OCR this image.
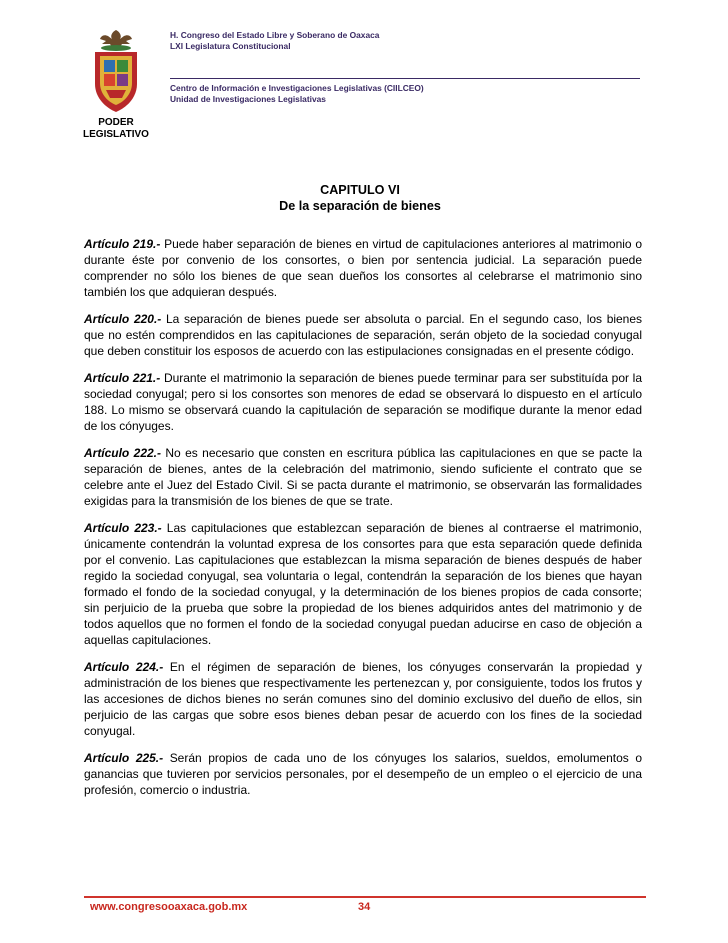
PODER
LEGISLATIVO
H. Congreso del Estado Libre y Soberano de Oaxaca
LXI Legislatura Constitucional
Centro de Información e Investigaciones Legislativas (CIILCEO)
Unidad de Investigaciones Legislativas
CAPITULO VI
De la separación de bienes

Artículo 219.- Puede haber separación de bienes en virtud de capitulaciones anteriores al matrimonio o durante éste por convenio de los consortes, o bien por sentencia judicial. La separación puede comprender no sólo los bienes de que sean dueños los consortes al celebrarse el matrimonio sino también los que adquieran después.

Artículo 220.- La separación de bienes puede ser absoluta o parcial. En el segundo caso, los bienes que no estén comprendidos en las capitulaciones de separación, serán objeto de la sociedad conyugal que deben constituir los esposos de acuerdo con las estipulaciones consignadas en el presente código.

Artículo 221.- Durante el matrimonio la separación de bienes puede terminar para ser substituída por la sociedad conyugal; pero si los consortes son menores de edad se observará lo dispuesto en el artículo 188. Lo mismo se observará cuando la capitulación de separación se modifique durante la menor edad de los cónyuges.

Artículo 222.- No es necesario que consten en escritura pública las capitulaciones en que se pacte la separación de bienes, antes de la celebración del matrimonio, siendo suficiente el contrato que se celebre ante el Juez del Estado Civil. Si se pacta durante el matrimonio, se observarán las formalidades exigidas para la transmisión de los bienes de que se trate.

Artículo 223.- Las capitulaciones que establezcan separación de bienes al contraerse el matrimonio, únicamente contendrán la voluntad expresa de los consortes para que esta separación quede definida por el convenio. Las capitulaciones que establezcan la misma separación de bienes después de haber regido la sociedad conyugal, sea voluntaria o legal, contendrán la separación de los bienes que hayan formado el fondo de la sociedad conyugal, y la determinación de los bienes propios de cada consorte; sin perjuicio de la prueba que sobre la propiedad de los bienes adquiridos antes del matrimonio y de todos aquellos que no formen el fondo de la sociedad conyugal puedan aducirse en caso de objeción a aquellas capitulaciones.

Artículo 224.- En el régimen de separación de bienes, los cónyuges conservarán la propiedad y administración de los bienes que respectivamente les pertenezcan y, por consiguiente, todos los frutos y las accesiones de dichos bienes no serán comunes sino del dominio exclusivo del dueño de ellos, sin perjuicio de las cargas que sobre esos bienes deban pesar de acuerdo con los fines de la sociedad conyugal.

Artículo 225.- Serán propios de cada uno de los cónyuges los salarios, sueldos, emolumentos o ganancias que tuvieren por servicios personales, por el desempeño de un empleo o el ejercicio de una profesión, comercio o industria.

www.congresooaxaca.gob.mx	34
